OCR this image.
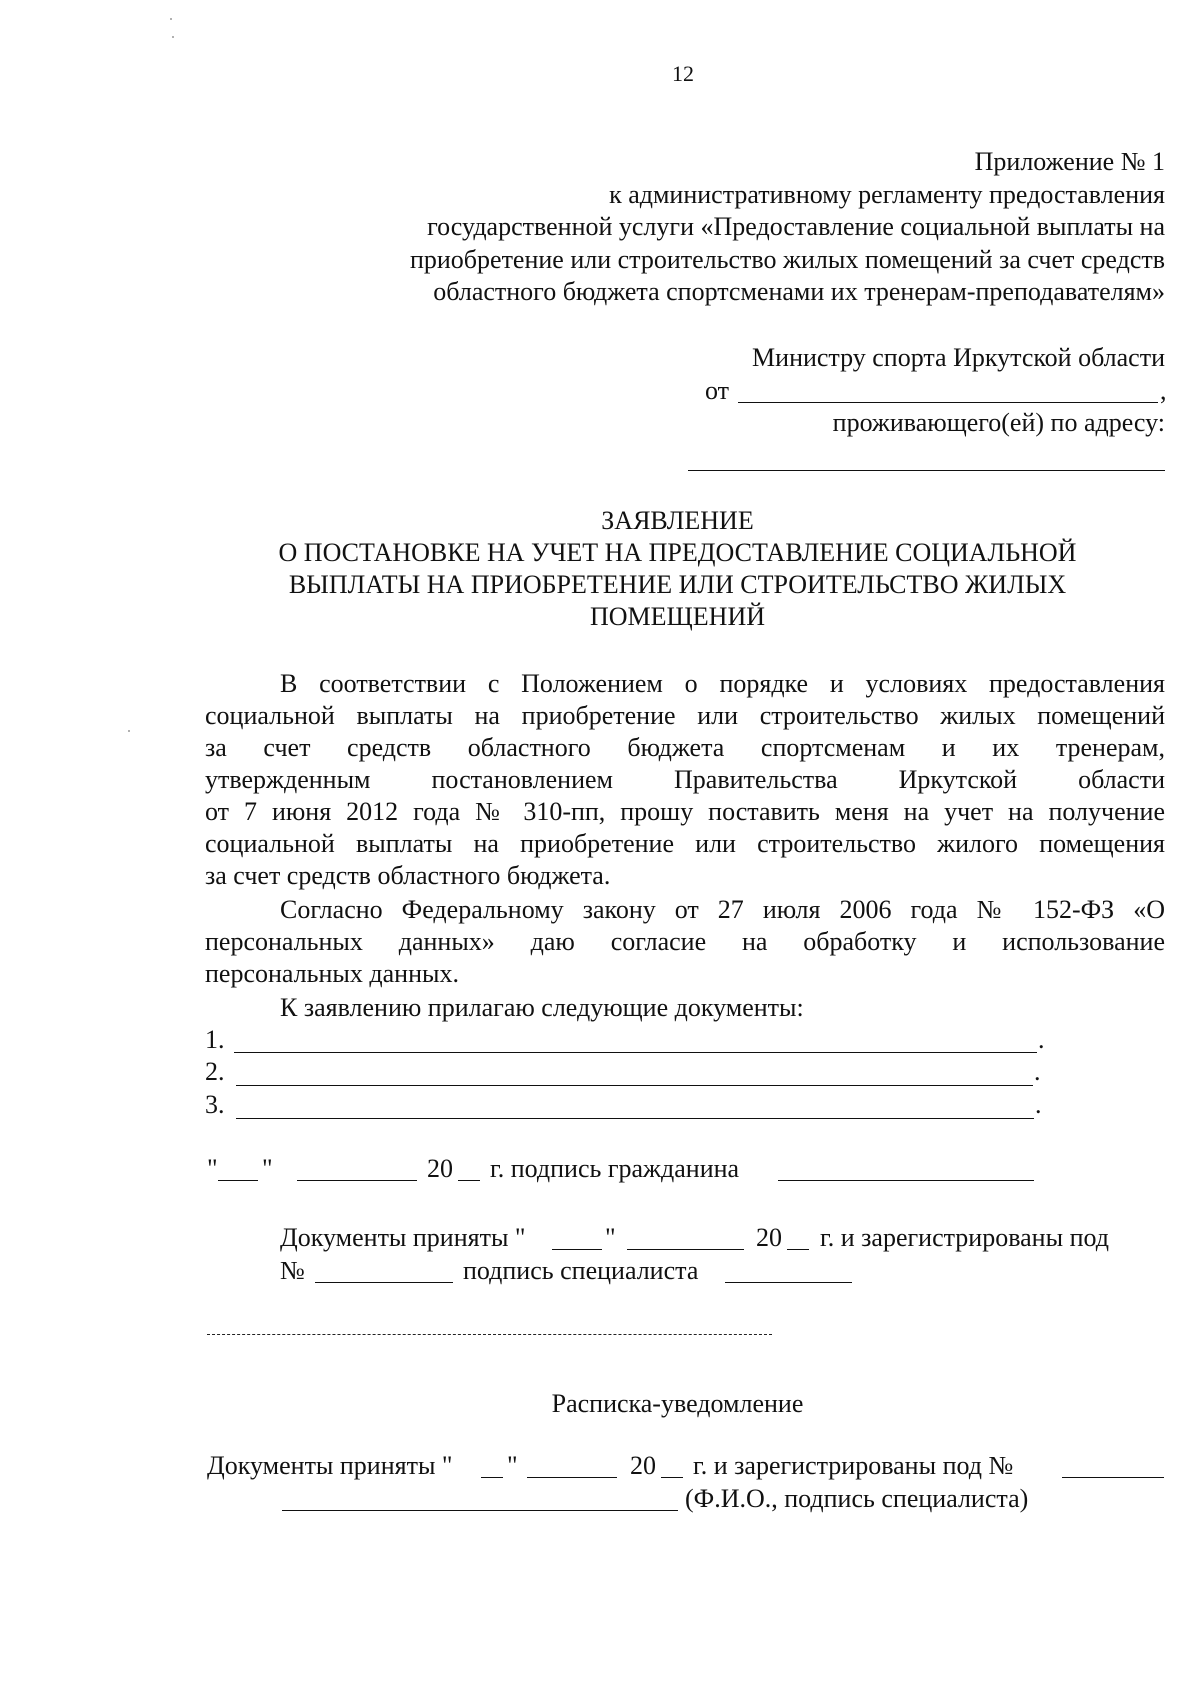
12
Приложение № 1
к административному регламенту предоставления
государственной услуги «Предоставление социальной выплаты на
приобретение или строительство жилых помещений за счет средств
областного бюджета спортсменами их тренерам-преподавателям»
Министру спорта Иркутской области
от	,
проживающего(ей) по адресу:
ЗАЯВЛЕНИЕ
О ПОСТАНОВКЕ НА УЧЕТ НА ПРЕДОСТАВЛЕНИЕ СОЦИАЛЬНОЙ
ВЫПЛАТЫ НА ПРИОБРЕТЕНИЕ ИЛИ СТРОИТЕЛЬСТВО ЖИЛЫХ
ПОМЕЩЕНИЙ
В соответствии с Положением о порядке и условиях предоставления
социальной выплаты на приобретение или строительство жилых помещений
за счет средств областного бюджета спортсменам и их тренерам,
утвержденным постановлением Правительства Иркутской области
от 7 июня 2012 года № 310-пп, прошу поставить меня на учет на получение
социальной выплаты на приобретение или строительство жилого помещения
за счет средств областного бюджета.
Согласно Федеральному закону от 27 июля 2006 года № 152-ФЗ «О
персональных данных» даю согласие на обработку и использование
персональных данных.
К заявлению прилагаю следующие документы:
1.	.
2.	.
3.	.
" "	20 г. подпись гражданина
Документы приняты "	"	20 г. и зарегистрированы под
№	подпись специалиста
Расписка-уведомление
Документы приняты " "	20 г. и зарегистрированы под №
(Ф.И.О., подпись специалиста)
